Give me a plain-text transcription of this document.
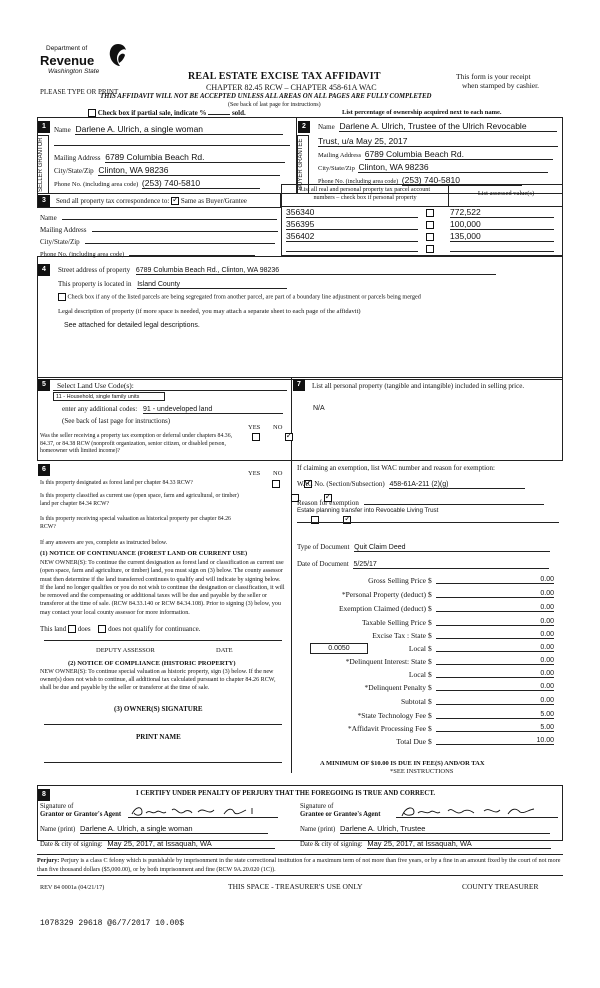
Department of
Revenue
Washington State
PLEASE TYPE OR PRINT
REAL ESTATE EXCISE TAX AFFIDAVIT
CHAPTER 82.45 RCW – CHAPTER 458-61A WAC
THIS AFFIDAVIT WILL NOT BE ACCEPTED UNLESS ALL AREAS ON ALL PAGES ARE FULLY COMPLETED
(See back of last page for instructions)
This form is your receipt
when stamped by cashier.
Check box if partial sale, indicate %	sold.	List percentage of ownership acquired next to each name.
1
SELLER GRANTOR
Name Darlene A. Ulrich, a single woman
Mailing Address 6789 Columbia Beach Rd.
City/State/Zip Clinton, WA 98236
Phone No. (including area code) (253) 740-5810
2
BUYER GRANTEE
Name Darlene A. Ulrich, Trustee of the Ulrich Revocable
Trust, u/a May 25, 2017
Mailing Address 6789 Columbia Beach Rd.
City/State/Zip Clinton, WA 98236
Phone No. (including area code) (253) 740-5810
3	Send all property tax correspondence to: ✓ Same as Buyer/Grantee
Name
Mailing Address
City/State/Zip
Phone No. (including area code)
List all real and personal property tax parcel account
numbers – check box if personal property
List assessed value(s)
356340	772,522
356395	100,000
356402	135,000
4	Street address of property 6789 Columbia Beach Rd., Clinton, WA 98236
This property is located in Island County
Check box if any of the listed parcels are being segregated from another parcel, are part of a boundary line adjustment or parcels being merged
Legal description of property (if more space is needed, you may attach a separate sheet to each page of the affidavit)
See attached for detailed legal descriptions.
5	Select Land Use Code(s):
11 - Household, single family units
enter any additional codes: 91 - undeveloped land
(See back of last page for instructions)
YES NO
Was the seller receiving a property tax exemption or deferral under chapters 84.36, 84.37, or 84.38 RCW (nonprofit organization, senior citizen, or disabled person, homeowner with limited income)?
✓
7	List all personal property (tangible and intangible) included in selling price.
N/A
6
YES NO
Is this property designated as forest land per chapter 84.33 RCW?
✓
Is this property classified as current use (open space, farm and agricultural, or timber) land per chapter 84.34 RCW?
✓
Is this property receiving special valuation as historical property per chapter 84.26 RCW?
✓
If any answers are yes, complete as instructed below.
(1) NOTICE OF CONTINUANCE (FOREST LAND OR CURRENT USE)
NEW OWNER(S): To continue the current designation as forest land or classification as current use (open space, farm and agriculture, or timber) land, you must sign on (3) below. The county assessor must then determine if the land transferred continues to qualify and will indicate by signing below. If the land no longer qualifies or you do not wish to continue the designation or classification, it will be removed and the compensating or additional taxes will be due and payable by the seller or transferor at the time of sale. (RCW 84.33.140 or RCW 84.34.108). Prior to signing (3) below, you may contact your local county assessor for more information.
This land does	does not qualify for continuance.
DEPUTY ASSESSOR	DATE
(2) NOTICE OF COMPLIANCE (HISTORIC PROPERTY)
NEW OWNER(S): To continue special valuation as historic property, sign (3) below. If the new owner(s) does not wish to continue, all additional tax calculated pursuant to chapter 84.26 RCW, shall be due and payable by the seller or transferor at the time of sale.
(3) OWNER(S) SIGNATURE
PRINT NAME
If claiming an exemption, list WAC number and reason for exemption:
WAC No. (Section/Subsection) 458-61A-211 (2)(g)
Reason for exemption
Estate planning transfer into Revocable Living Trust
Type of Document Quit Claim Deed
Date of Document 5/25/17
Gross Selling Price $	0.00
*Personal Property (deduct) $	0.00
Exemption Claimed (deduct) $	0.00
Taxable Selling Price $	0.00
Excise Tax : State $	0.00
0.0050	Local $	0.00
*Delinquent Interest: State $	0.00
Local $	0.00
*Delinquent Penalty $	0.00
Subtotal $	0.00
*State Technology Fee $	5.00
*Affidavit Processing Fee $	5.00
Total Due $	10.00
A MINIMUM OF $10.00 IS DUE IN FEE(S) AND/OR TAX
*SEE INSTRUCTIONS
8	I CERTIFY UNDER PENALTY OF PERJURY THAT THE FOREGOING IS TRUE AND CORRECT.
Signature of
Grantor or Grantor's Agent
Signature of
Grantee or Grantee's Agent
Name (print) Darlene A. Ulrich, a single woman	Name (print) Darlene A. Ulrich, Trustee
Date & city of signing: May 25, 2017, at Issaquah, WA	Date & city of signing: May 25, 2017, at Issaquah, WA
Perjury: Perjury is a class C felony which is punishable by imprisonment in the state correctional institution for a maximum term of not more than five years, or by a fine in an amount fixed by the court of not more than five thousand dollars ($5,000.00), or by both imprisonment and fine (RCW 9A.20.020 (1C)).
REV 84 0001a (04/21/17)	THIS SPACE - TREASURER'S USE ONLY	COUNTY TREASURER
1078329 29618 @6/7/2017 10.00$
